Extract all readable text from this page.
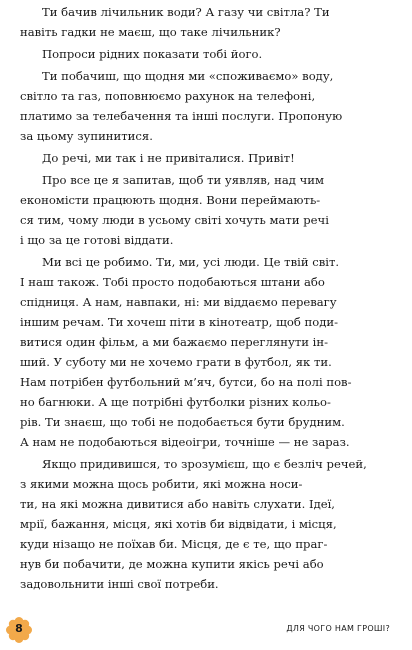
Ти бачив лічильник води? А газу чи світла? Ти
навіть гадки не маєш, що таке лічильник?

Попроси рідних показати тобі його.

Ти побачиш, що щодня ми «споживаємо» воду,
світло та газ, поповнюємо рахунок на телефоні,
платимо за телебачення та інші послуги. Пропоную
за цьому зупинитися.

До речі, ми так і не привіталися. Привіт!

Про все це я запитав, щоб ти уявляв, над чим
економісти працюють щодня. Вони переймають-
ся тим, чому люди в усьому світі хочуть мати речі
і що за це готові віддати.

Ми всі це робимо. Ти, ми, усі люди. Це твій світ.
І наш також. Тобі просто подобаються штани або
спідниця. А нам, навпаки, ні: ми віддаємо перевагу
іншим речам. Ти хочеш піти в кінотеатр, щоб поди-
витися один фільм, а ми бажаємо переглянути ін-
ший. У суботу ми не хочемо грати в футбол, як ти.
Нам потрібен футбольний м’яч, бутси, бо на полі пов-
но багнюки. А ще потрібні футболки різних кольо-
рів. Ти знаєш, що тобі не подобається бути брудним.
А нам не подобаються відеоігри, точніше — не зараз.

Якщо придивишся, то зрозумієш, що є безліч речей,
з якими можна щось робити, які можна носи-
ти, на які можна дивитися або навіть слухати. Ідеї,
мрії, бажання, місця, які хотів би відвідати, і місця,
куди нізащо не поїхав би. Місця, де є те, що праг-
нув би побачити, де можна купити якісь речі або
задовольнити інші свої потреби.

8	ДЛЯ ЧОГО НАМ ГРОШІ?
